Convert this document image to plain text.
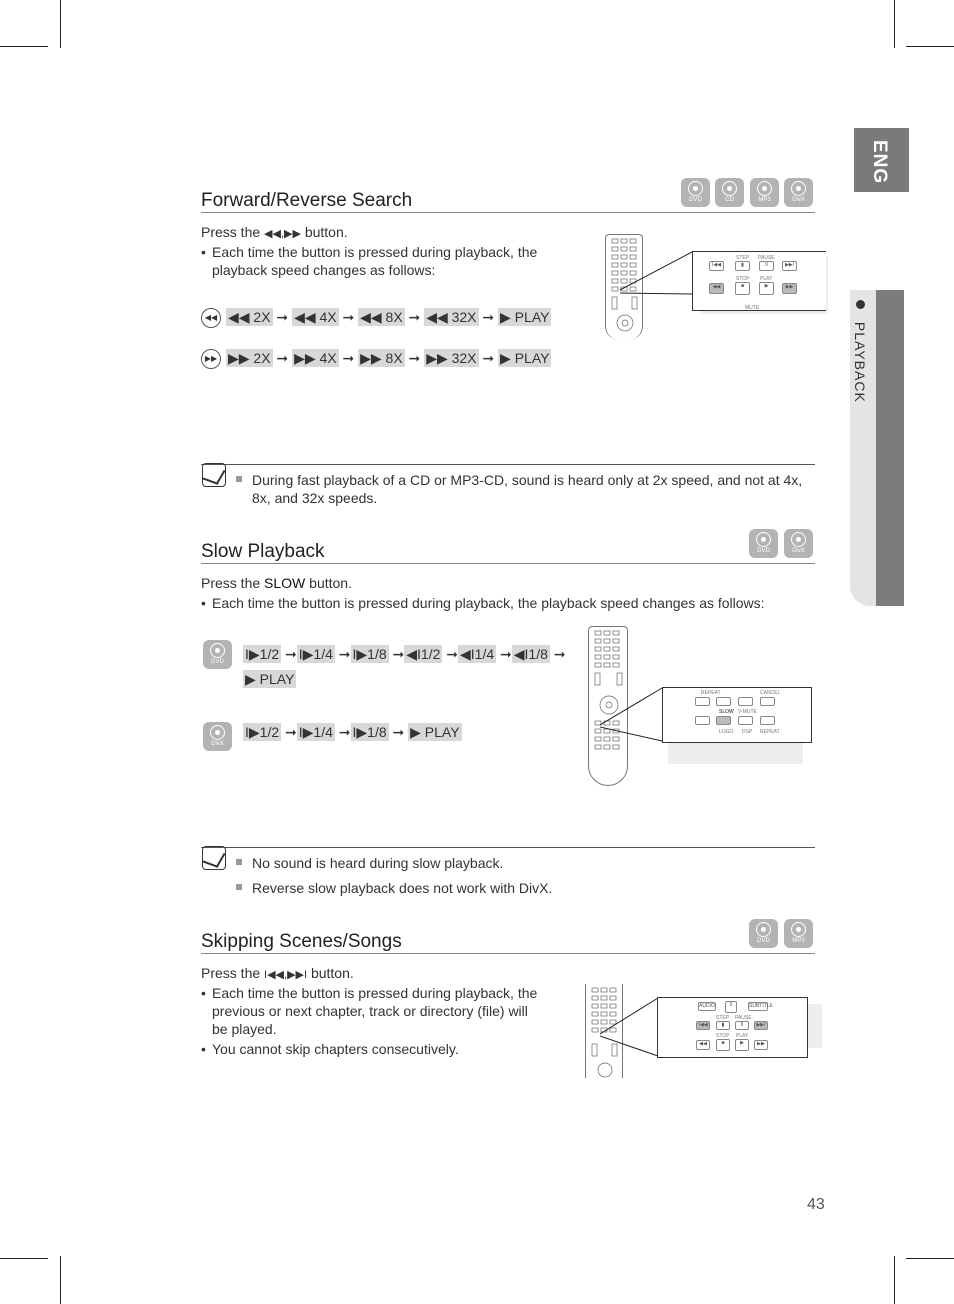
ENG
PLAYBACK
Forward/Reverse Search	DVD	CD	MP3	DivX
Press the ◀◀,▶▶ button.
• Each time the button is pressed during playback, the playback speed changes as follows:
◀◀ ◀◀ 2X ➞ ◀◀ 4X ➞ ◀◀ 8X ➞ ◀◀ 32X ➞ ▶ PLAY
▶▶ ▶▶ 2X ➞ ▶▶ 4X ➞ ▶▶ 8X ➞ ▶▶ 32X ➞ ▶ PLAY
STEP PAUSE
I◀◀	▮	II	▶▶I
STOP PLAY
◀◀	■	▶	▶▶
MUTE
During fast playback of a CD or MP3-CD, sound is heard only at 2x speed, and not at 4x, 8x, and 32x speeds.
Slow Playback	DVD	DivX
Press the SLOW button.
• Each time the button is pressed during playback, the playback speed changes as follows:
DVD	I▶1/2 ➞ I▶1/4 ➞ I▶1/8 ➞ ◀I1/2 ➞ ◀I1/4 ➞ ◀I1/8 ➞
▶ PLAY
DivX
I▶1/2 ➞ I▶1/4 ➞ I▶1/8 ➞ ▶ PLAY
REPEAT	CANCEL
SLOW V-MUTE
LOGO DSP REPEAT
No sound is heard during slow playback.
Reverse slow playback does not work with DivX.
Skipping Scenes/Songs	DVD	MP3
Press the I◀◀,▶▶I button.
• Each time the button is pressed during playback, the previous or next chapter, track or directory (file) will be played.
• You cannot skip chapters consecutively.
AUDIO	0	SUBTITLE
STEP PAUSE
I◀◀	▮	II	▶▶I
STOP PLAY
◀◀	■	▶	▶▶
43
